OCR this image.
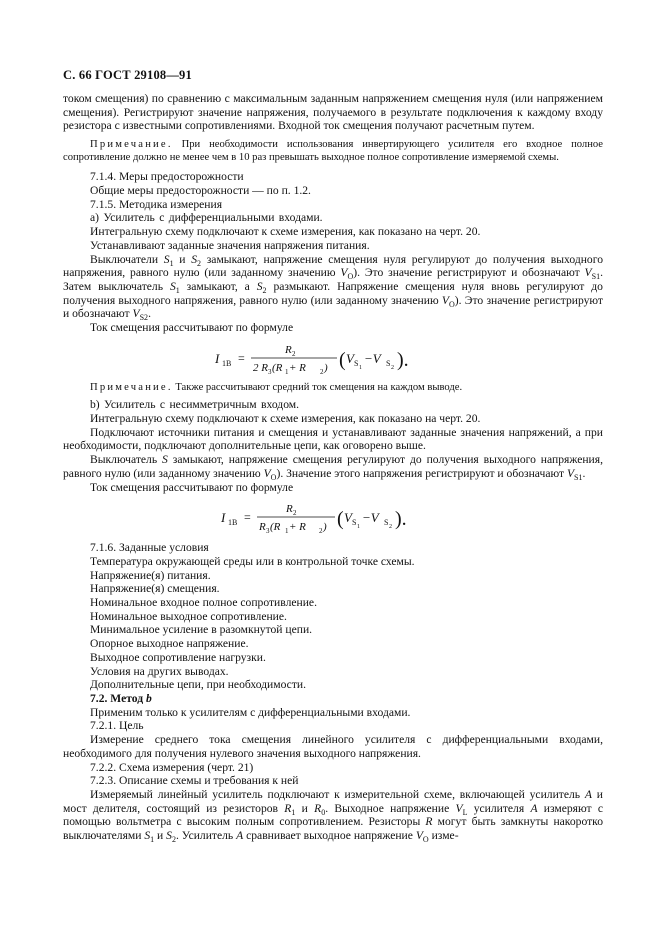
С. 66 ГОСТ 29108—91

током смещения) по сравнению с максимальным заданным напряжением смещения нуля (или напряжением смещения). Регистрируют значение напряжения, получаемого в результате подключения к каждому входу резистора с известными сопротивлениями. Входной ток смещения получают расчетным путем.

Примечание. При необходимости использования инвертирующего усилителя его входное полное сопротивление должно не менее чем в 10 раз превышать выходное полное сопротивление измеряемой схемы.

7.1.4. Меры предосторожности

Общие меры предосторожности — по п. 1.2.

7.1.5. Методика измерения

а) Усилитель с дифференциальными входами.

Интегральную схему подключают к схеме измерения, как показано на черт. 20.

Устанавливают заданные значения напряжения питания.

Выключатели $S_1$ и $S_2$ замыкают, напряжение смещения нуля регулируют до получения выходного напряжения, равного нулю (или заданному значению $V_O$). Это значение регистрируют и обозначают $V_{S1}$. Затем выключатель $S_1$ замыкают, а $S_2$ размыкают. Напряжение смещения нуля вновь регулируют до получения выходного напряжения, равного нулю (или заданному значению $V_O$). Это значение регистрируют и обозначают $V_{S2}$.

Ток смещения рассчитывают по формуле

I 1B =
R 2
2 R 3 (R 1 + R 2 ) ( V S 1
−V S 2 ).

Примечание. Также рассчитывают средний ток смещения на каждом выводе.

b) Усилитель с несимметричным входом.

Интегральную схему подключают к схеме измерения, как показано на черт. 20.

Подключают источники питания и смещения и устанавливают заданные значения напряжений, а при необходимости, подключают дополнительные цепи, как оговорено выше.

Выключатель S замыкают, напряжение смещения регулируют до получения выходного напряжения, равного нулю (или заданному значению $V_O$). Значение этого напряжения регистрируют и обозначают $V_{S1}$.

Ток смещения рассчитывают по формуле

I 1B =
R 2
R 3 (R 1 + R 2 ) ( V S 1
−V S 2 ).

7.1.6. Заданные условия

Температура окружающей среды или в контрольной точке схемы.

Напряжение(я) питания.

Напряжение(я) смещения.

Номинальное входное полное сопротивление.

Номинальное выходное сопротивление.

Минимальное усиление в разомкнутой цепи.

Опорное выходное напряжение.

Выходное сопротивление нагрузки.

Условия на других выводах.

Дополнительные цепи, при необходимости.

7.2. Метод b

Применим только к усилителям с дифференциальными входами.

7.2.1. Цель

Измерение среднего тока смещения линейного усилителя с дифференциальными входами, необходимого для получения нулевого значения выходного напряжения.

7.2.2. Схема измерения (черт. 21)

7.2.3. Описание схемы и требования к ней

Измеряемый линейный усилитель подключают к измерительной схеме, включающей усилитель A и мост делителя, состоящий из резисторов $R_1$ и $R_0$. Выходное напряжение $V_L$ усилителя A измеряют с помощью вольтметра с высоким полным сопротивлением. Резисторы R могут быть замкнуты накоротко выключателями $S_1$ и $S_2$. Усилитель A сравнивает выходное напряжение $V_O$ изме-
